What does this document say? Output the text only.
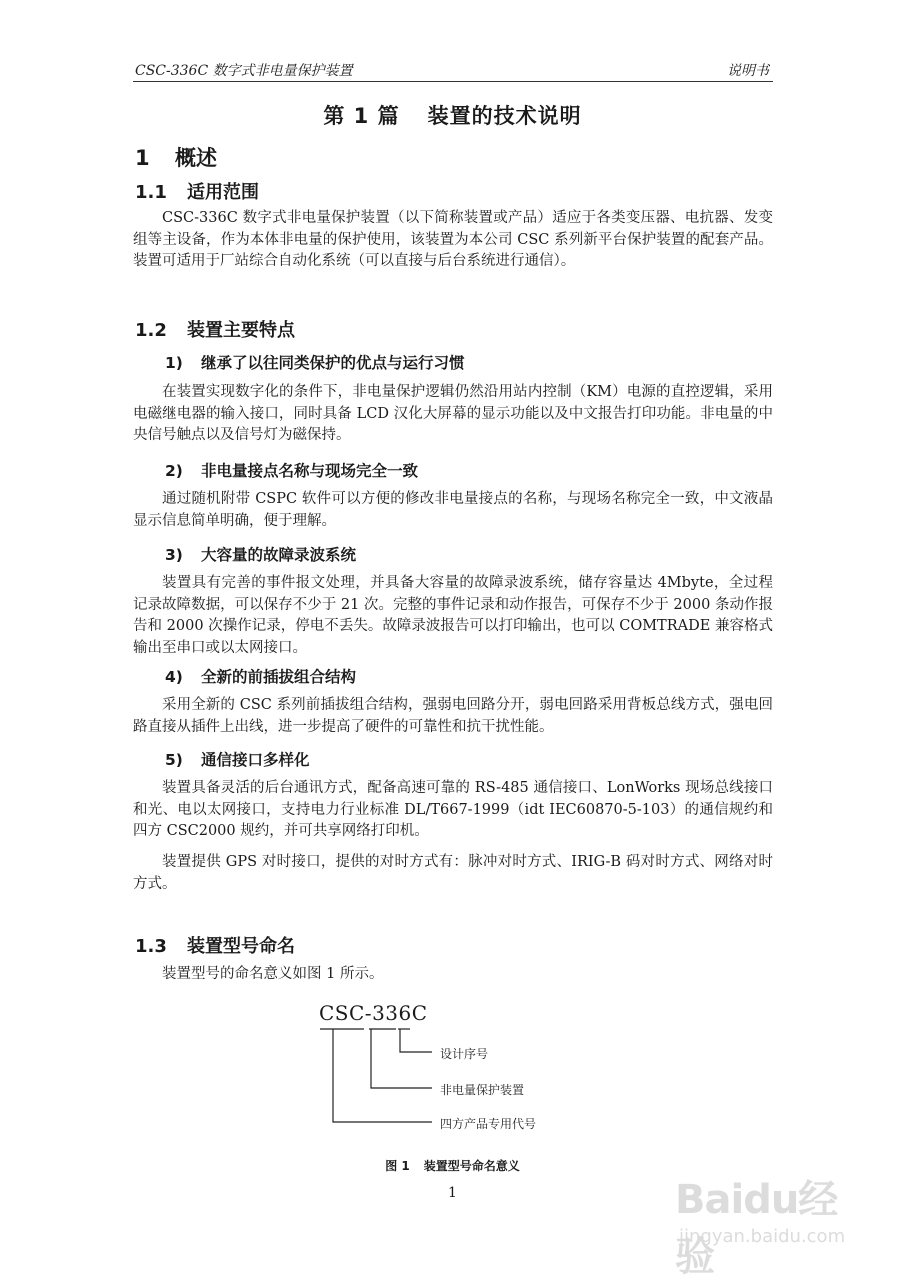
CSC-336C 数字式非电量保护装置	说明书
第 1 篇 装置的技术说明
1 概述
1.1 适用范围

CSC-336C 数字式非电量保护装置（以下简称装置或产品）适应于各类变压器、电抗器、发变组等主设备，作为本体非电量的保护使用，该装置为本公司 CSC 系列新平台保护装置的配套产品。装置可适用于厂站综合自动化系统（可以直接与后台系统进行通信）。

1.2 装置主要特点
1) 继承了以往同类保护的优点与运行习惯

在装置实现数字化的条件下，非电量保护逻辑仍然沿用站内控制（KM）电源的直控逻辑，采用电磁继电器的输入接口，同时具备 LCD 汉化大屏幕的显示功能以及中文报告打印功能。非电量的中央信号触点以及信号灯为磁保持。

2) 非电量接点名称与现场完全一致

通过随机附带 CSPC 软件可以方便的修改非电量接点的名称，与现场名称完全一致，中文液晶显示信息简单明确，便于理解。

3) 大容量的故障录波系统

装置具有完善的事件报文处理，并具备大容量的故障录波系统，储存容量达 4Mbyte，全过程记录故障数据，可以保存不少于 21 次。完整的事件记录和动作报告，可保存不少于 2000 条动作报告和 2000 次操作记录，停电不丢失。故障录波报告可以打印输出，也可以 COMTRADE 兼容格式输出至串口或以太网接口。

4) 全新的前插拔组合结构

采用全新的 CSC 系列前插拔组合结构，强弱电回路分开，弱电回路采用背板总线方式，强电回路直接从插件上出线，进一步提高了硬件的可靠性和抗干扰性能。

5) 通信接口多样化

装置具备灵活的后台通讯方式，配备高速可靠的 RS-485 通信接口、LonWorks 现场总线接口和光、电以太网接口，支持电力行业标准 DL/T667-1999（idt IEC60870-5-103）的通信规约和四方 CSC2000 规约，并可共享网络打印机。

装置提供 GPS 对时接口，提供的对时方式有：脉冲对时方式、IRIG-B 码对时方式、网络对时方式。

1.3 装置型号命名

装置型号的命名意义如图 1 所示。

CSC-336C
设计序号
非电量保护装置
四方产品专用代号
图 1 装置型号命名意义
1	Baidu经验
jingyan.baidu.com
